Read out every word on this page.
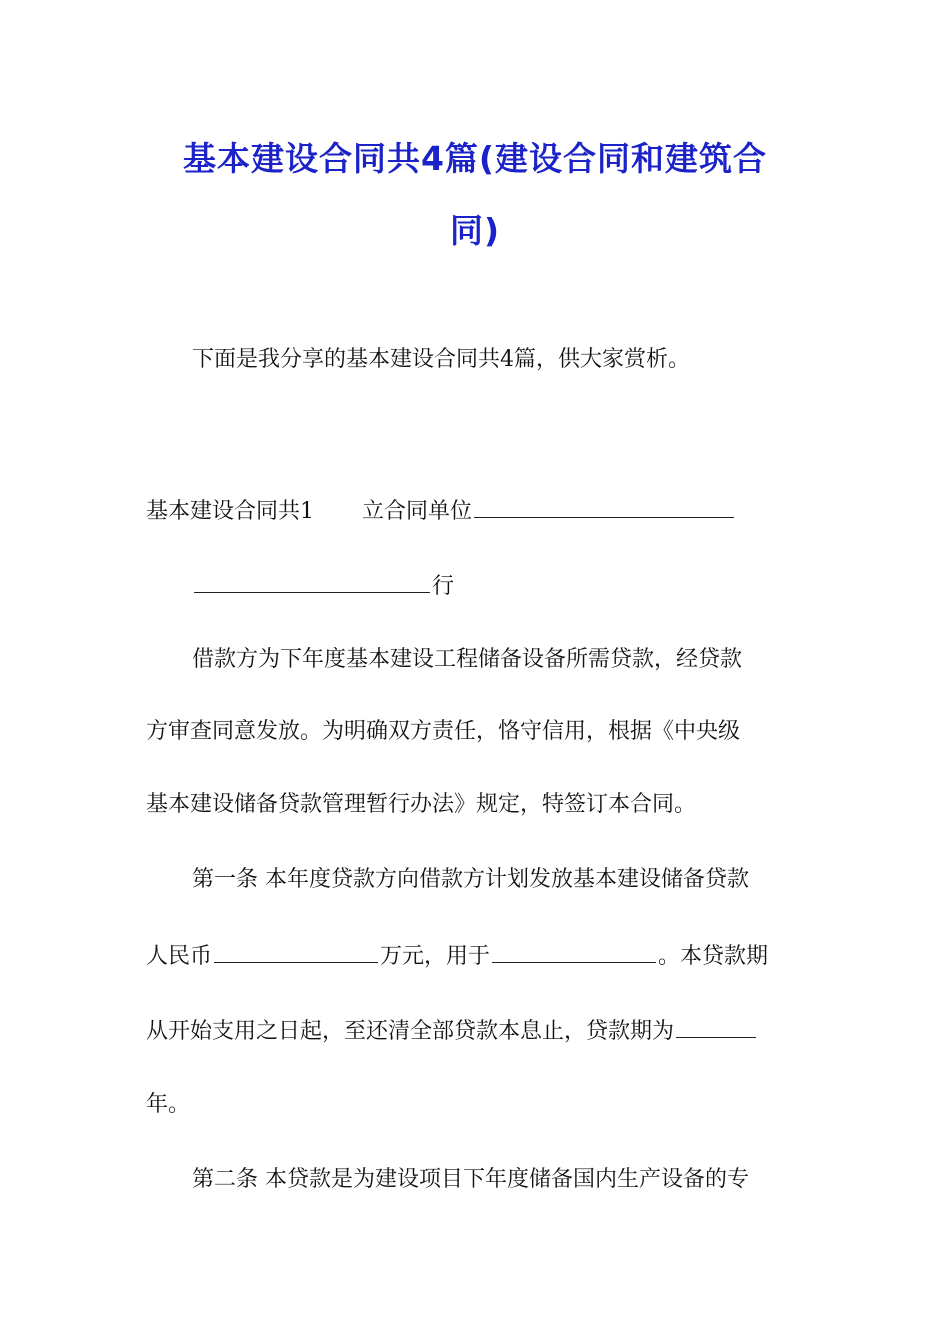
基本建设合同共4篇(建设合同和建筑合
同)
下面是我分享的基本建设合同共4篇，供大家赏析。
基本建设合同共1 立合同单位
行
借款方为下年度基本建设工程储备设备所需贷款，经贷款
方审查同意发放。为明确双方责任，恪守信用，根据《中央级
基本建设储备贷款管理暂行办法》规定，特签订本合同。
第一条 本年度贷款方向借款方计划发放基本建设储备贷款
人民币	万元，用于	。本贷款期
从开始支用之日起，至还清全部贷款本息止，贷款期为
年。
第二条 本贷款是为建设项目下年度储备国内生产设备的专
